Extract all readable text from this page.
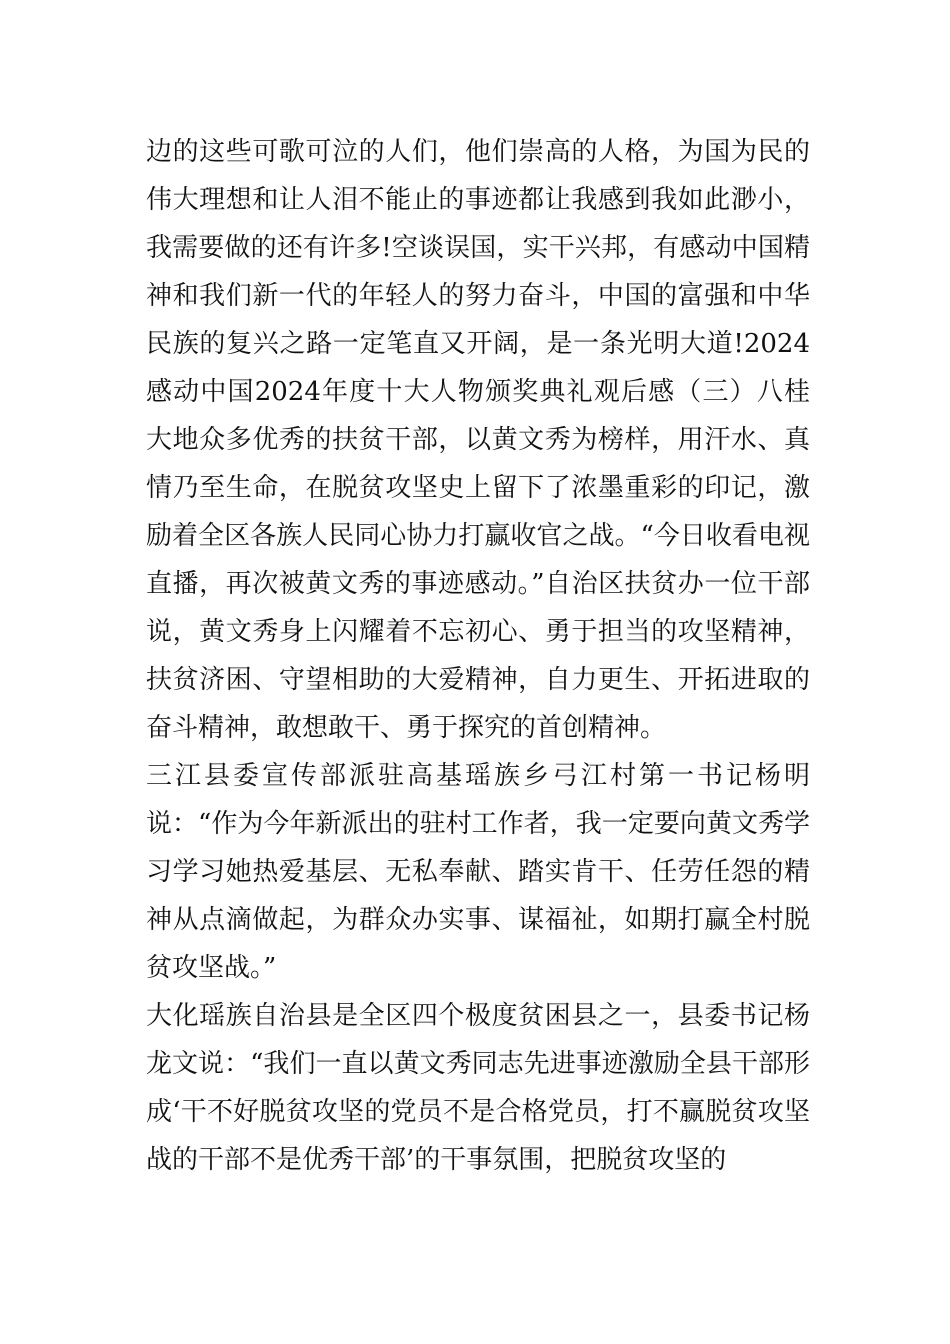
边的这些可歌可泣的人们，他们崇高的人格，为国为民的伟大理想和让人泪不能止的事迹都让我感到我如此渺小，我需要做的还有许多!空谈误国，实干兴邦，有感动中国精神和我们新一代的年轻人的努力奋斗，中国的富强和中华民族的复兴之路一定笔直又开阔，是一条光明大道!2024感动中国2024年度十大人物颁奖典礼观后感（三）八桂大地众多优秀的扶贫干部，以黄文秀为榜样，用汗水、真情乃至生命，在脱贫攻坚史上留下了浓墨重彩的印记，激励着全区各族人民同心协力打赢收官之战。“今日收看电视直播，再次被黄文秀的事迹感动。”自治区扶贫办一位干部说，黄文秀身上闪耀着不忘初心、勇于担当的攻坚精神，扶贫济困、守望相助的大爱精神，自力更生、开拓进取的奋斗精神，敢想敢干、勇于探究的首创精神。

三江县委宣传部派驻高基瑶族乡弓江村第一书记杨明说：“作为今年新派出的驻村工作者，我一定要向黄文秀学习学习她热爱基层、无私奉献、踏实肯干、任劳任怨的精神从点滴做起，为群众办实事、谋福祉，如期打赢全村脱贫攻坚战。”

大化瑶族自治县是全区四个极度贫困县之一，县委书记杨龙文说：“我们一直以黄文秀同志先进事迹激励全县干部形成‘干不好脱贫攻坚的党员不是合格党员，打不赢脱贫攻坚战的干部不是优秀干部’的干事氛围，把脱贫攻坚的
